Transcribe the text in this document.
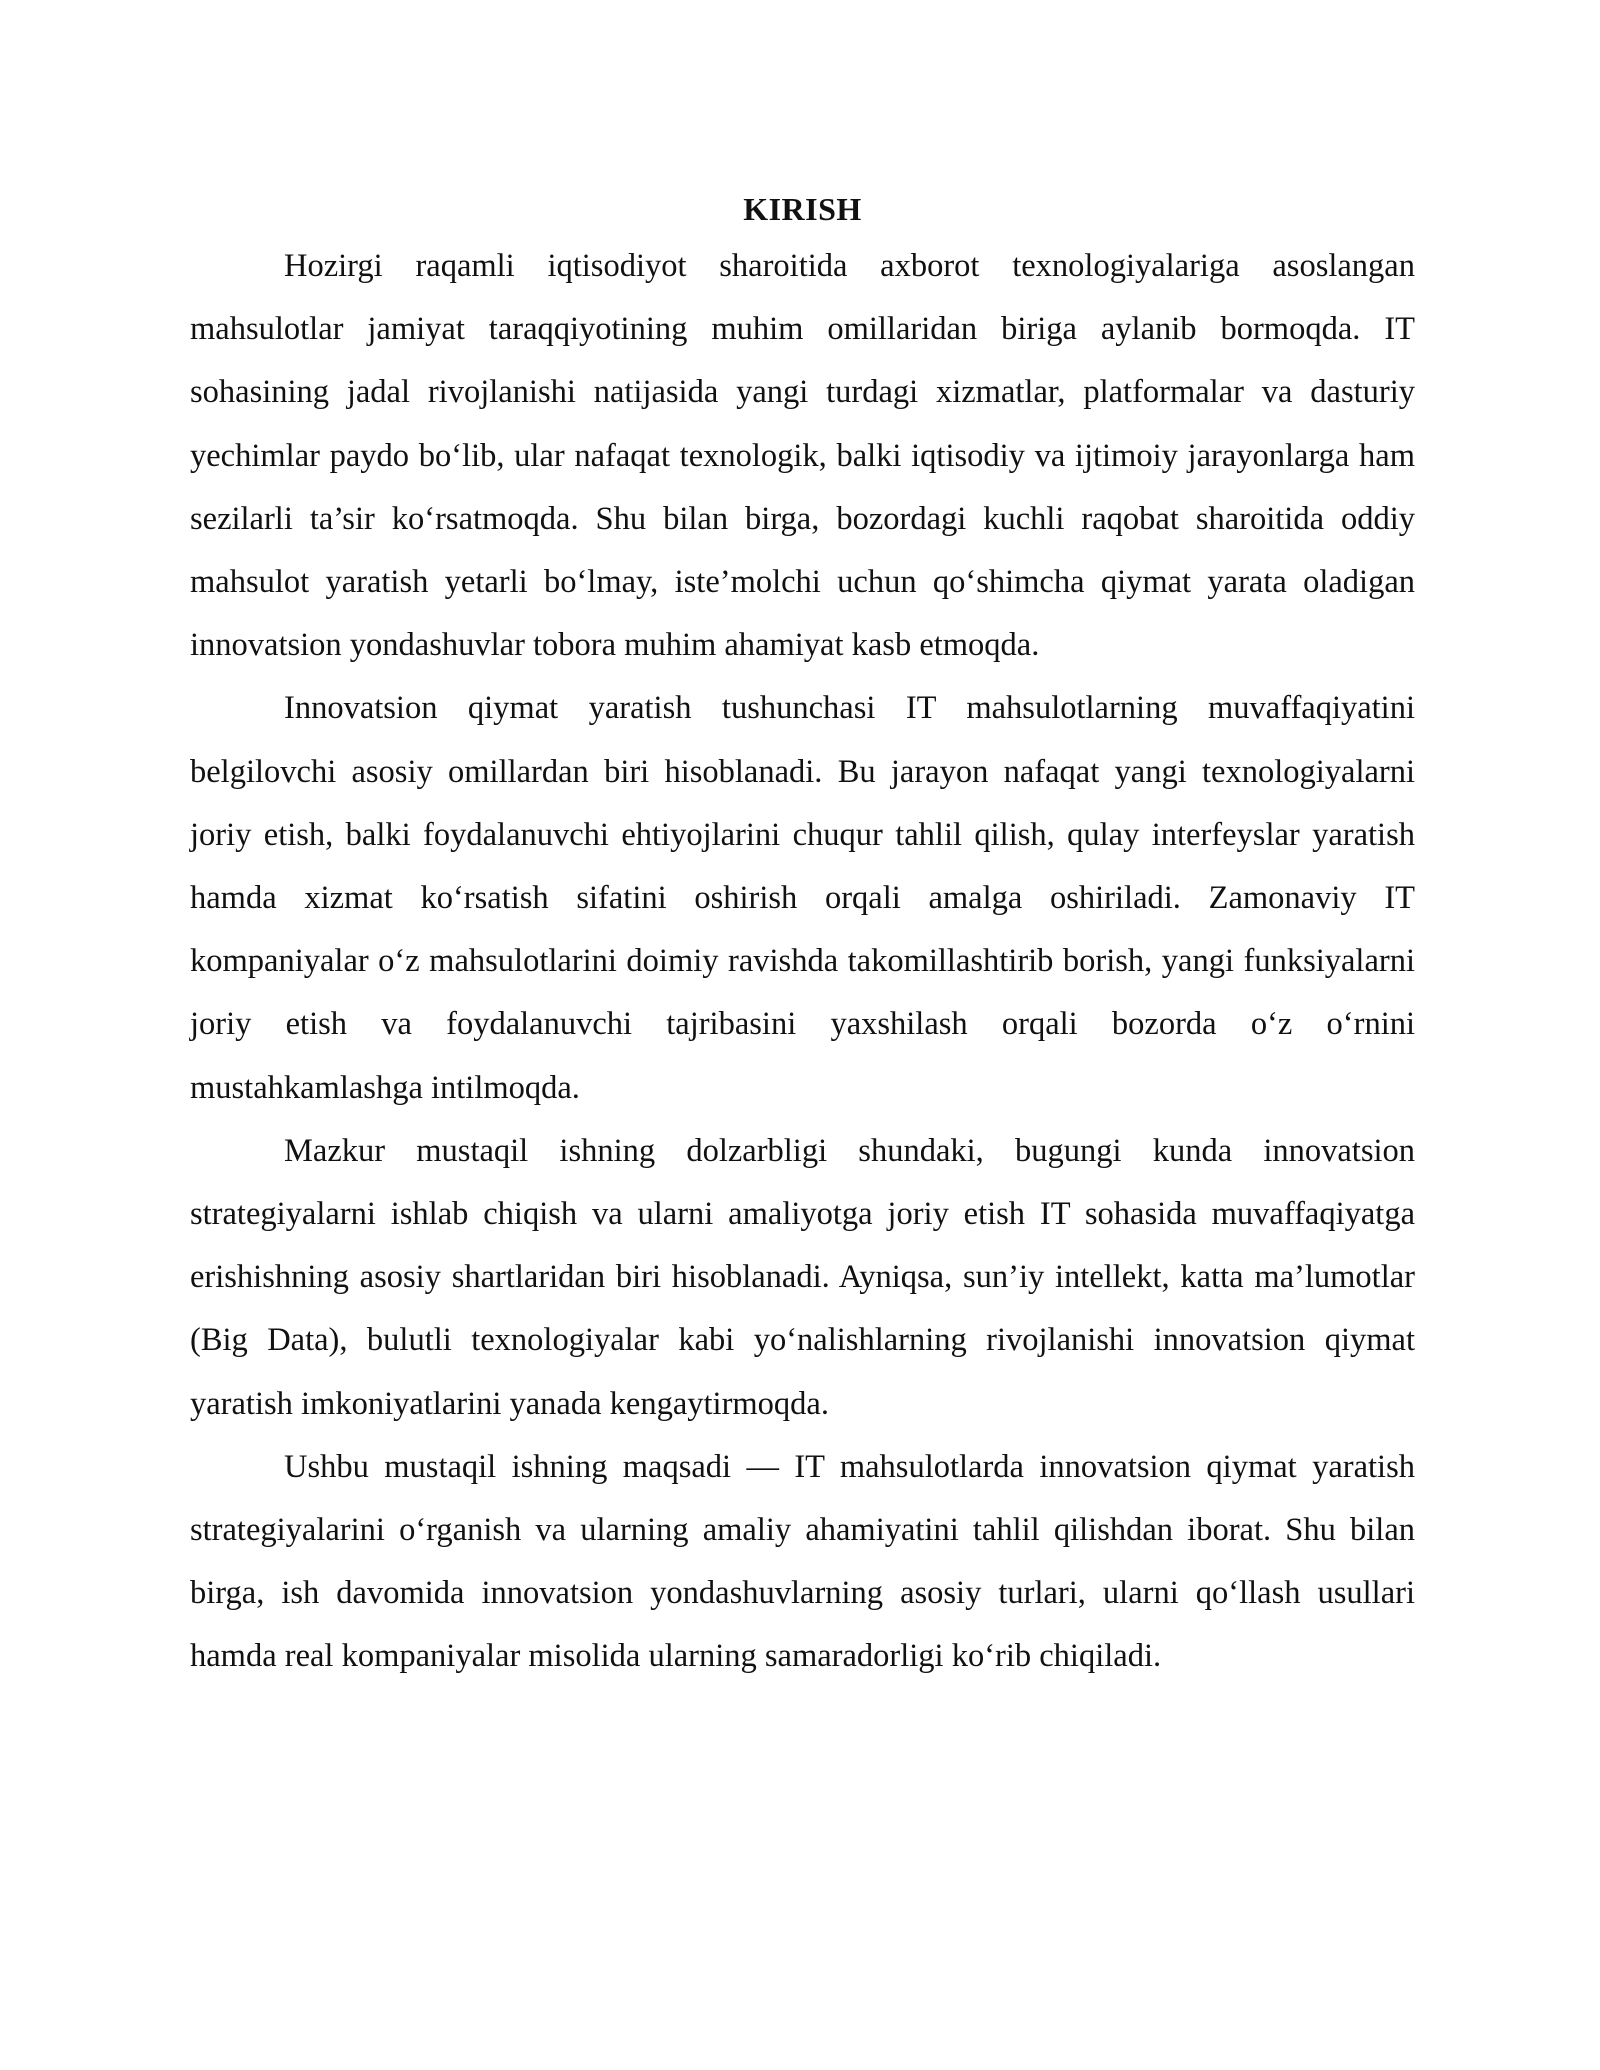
KIRISH

Hozirgi raqamli iqtisodiyot sharoitida axborot texnologiyalariga asoslangan mahsulotlar jamiyat taraqqiyotining muhim omillaridan biriga aylanib bormoqda. IT sohasining jadal rivojlanishi natijasida yangi turdagi xizmatlar, platformalar va dasturiy yechimlar paydo bo‘lib, ular nafaqat texnologik, balki iqtisodiy va ijtimoiy jarayonlarga ham sezilarli ta’sir ko‘rsatmoqda. Shu bilan birga, bozordagi kuchli raqobat sharoitida oddiy mahsulot yaratish yetarli bo‘lmay, iste’molchi uchun qo‘shimcha qiymat yarata oladigan innovatsion yondashuvlar tobora muhim ahamiyat kasb etmoqda.

Innovatsion qiymat yaratish tushunchasi IT mahsulotlarning muvaffaqiyatini belgilovchi asosiy omillardan biri hisoblanadi. Bu jarayon nafaqat yangi texnologiyalarni joriy etish, balki foydalanuvchi ehtiyojlarini chuqur tahlil qilish, qulay interfeyslar yaratish hamda xizmat ko‘rsatish sifatini oshirish orqali amalga oshiriladi. Zamonaviy IT kompaniyalar o‘z mahsulotlarini doimiy ravishda takomillashtirib borish, yangi funksiyalarni joriy etish va foydalanuvchi tajribasini yaxshilash orqali bozorda o‘z o‘rnini mustahkamlashga intilmoqda.

Mazkur mustaqil ishning dolzarbligi shundaki, bugungi kunda innovatsion strategiyalarni ishlab chiqish va ularni amaliyotga joriy etish IT sohasida muvaffaqiyatga erishishning asosiy shartlaridan biri hisoblanadi. Ayniqsa, sun’iy intellekt, katta ma’lumotlar (Big Data), bulutli texnologiyalar kabi yo‘nalishlarning rivojlanishi innovatsion qiymat yaratish imkoniyatlarini yanada kengaytirmoqda.

Ushbu mustaqil ishning maqsadi — IT mahsulotlarda innovatsion qiymat yaratish strategiyalarini o‘rganish va ularning amaliy ahamiyatini tahlil qilishdan iborat. Shu bilan birga, ish davomida innovatsion yondashuvlarning asosiy turlari, ularni qo‘llash usullari hamda real kompaniyalar misolida ularning samaradorligi ko‘rib chiqiladi.
